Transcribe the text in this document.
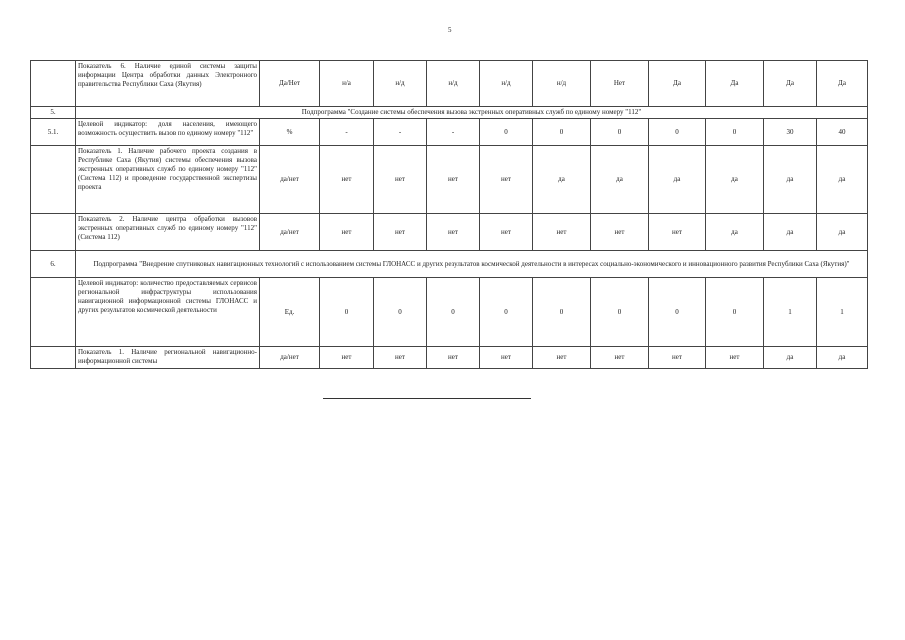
5
	Показатель 6. Наличие единой системы защиты информации Центра обработки данных Электронного правительства Республики Саха (Якутия)	Да/Нет	н/а	н/д	н/д	н/д	н/д	Нет	Да	Да	Да	Да
5.	Подпрограмма "Создание системы обеспечения вызова экстренных оперативных служб по единому номеру "112"											
5.1.	Целевой индикатор: доля населения, имеющего возможность осуществить вызов по единому номеру "112"	%	-	-	-	0	0	0	0	0	30	40
	Показатель 1. Наличие рабочего проекта создания в Республике Саха (Якутия) системы обеспечения вызова экстренных оперативных служб по единому номеру "112" (Система 112) и проведение государственной экспертизы проекта	да/нет	нет	нет	нет	нет	да	да	да	да	да	да
	Показатель 2. Наличие центра обработки вызовов экстренных оперативных служб по единому номеру "112" (Система 112)	да/нет	нет	нет	нет	нет	нет	нет	нет	да	да	да
6.	Подпрограмма "Внедрение спутниковых навигационных технологий с использованием системы ГЛОНАСС и других результатов космической деятельности в интересах социально-экономического и инновационного развития Республики Саха (Якутия)"											
	Целевой индикатор: количество предоставляемых сервисов региональной инфраструктуры использования навигационной информационной системы ГЛОНАСС и других результатов космической деятельности	Ед.	0	0	0	0	0	0	0	0	1	1
	Показатель 1. Наличие региональной навигационно-информационной системы	да/нет	нет	нет	нет	нет	нет	нет	нет	нет	да	да
